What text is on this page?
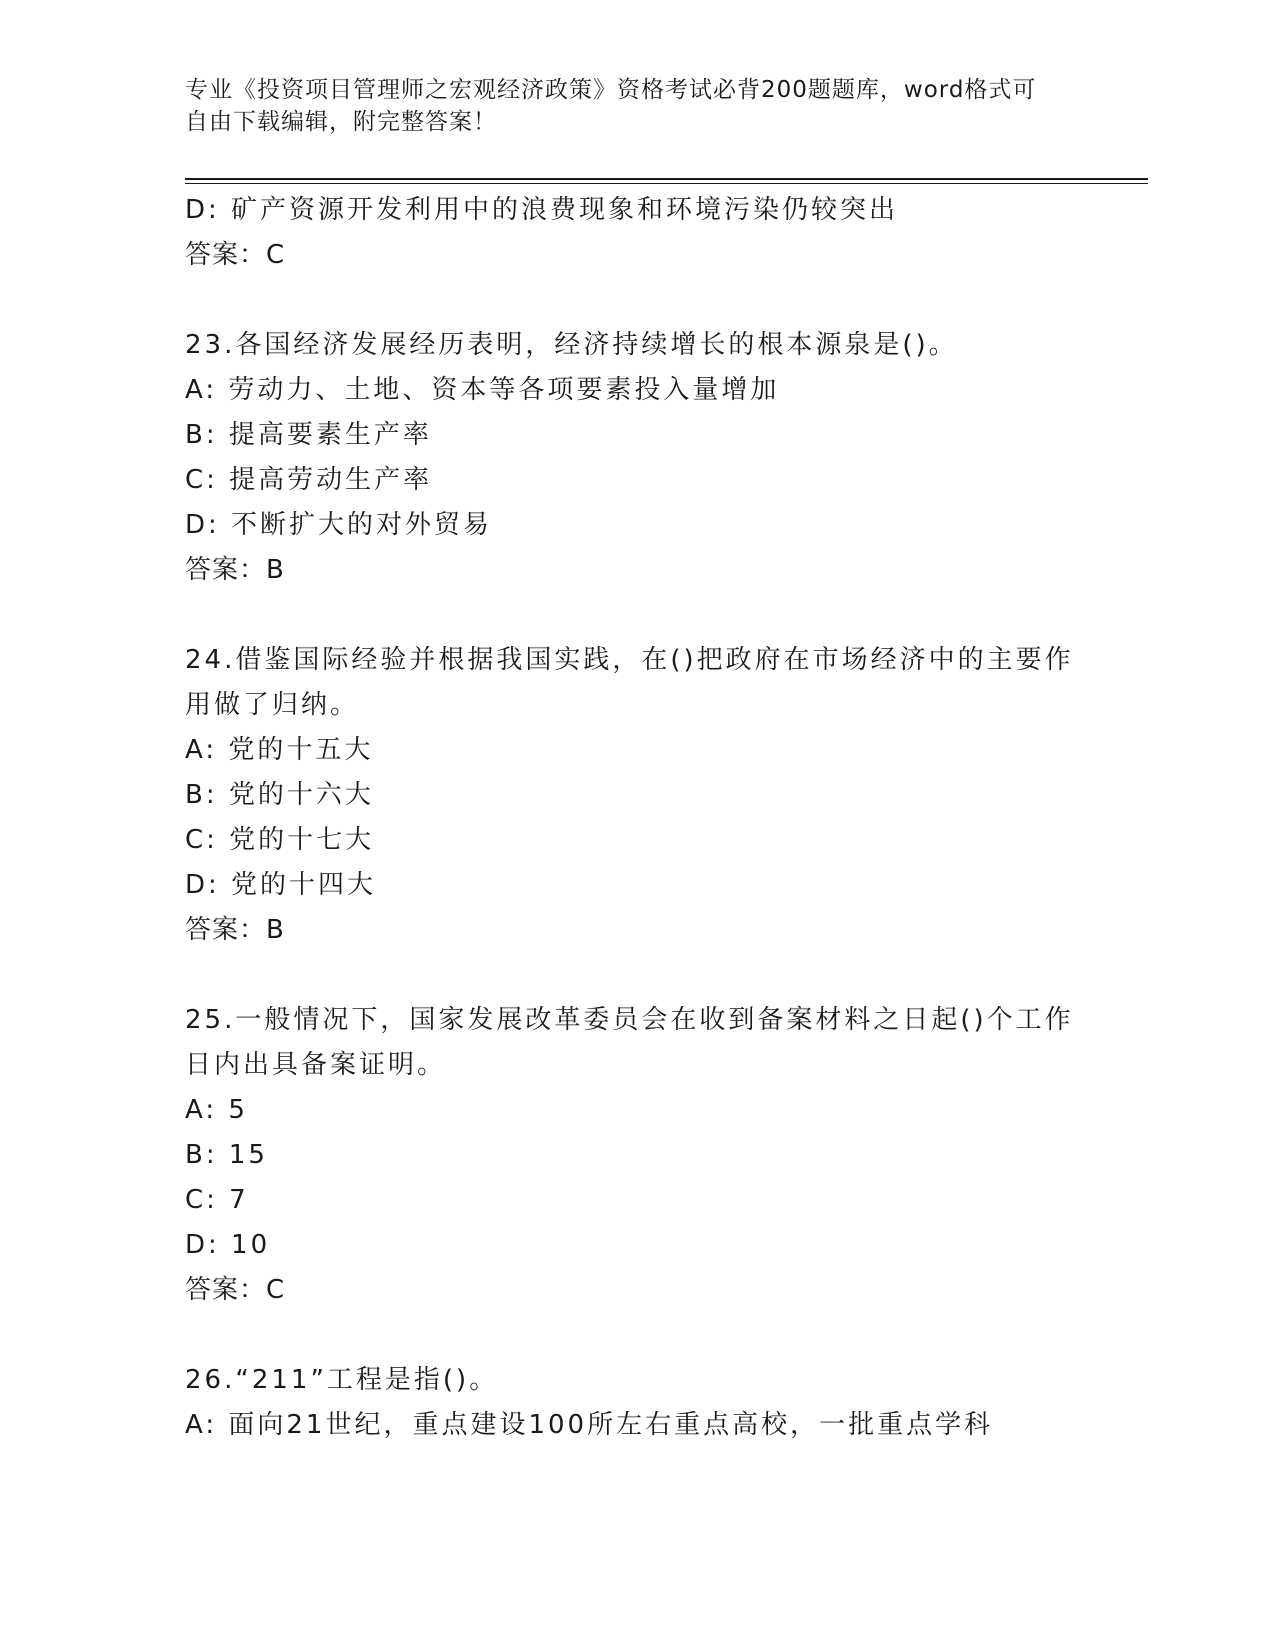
专业《投资项目管理师之宏观经济政策》资格考试必背200题题库，word格式可
自由下载编辑，附完整答案！

D: 矿产资源开发利用中的浪费现象和环境污染仍较突出

答案：C

23.各国经济发展经历表明，经济持续增长的根本源泉是()。

A: 劳动力、土地、资本等各项要素投入量增加

B: 提高要素生产率

C: 提高劳动生产率

D: 不断扩大的对外贸易

答案：B

24.借鉴国际经验并根据我国实践，在()把政府在市场经济中的主要作

用做了归纳。

A: 党的十五大

B: 党的十六大

C: 党的十七大

D: 党的十四大

答案：B

25.一般情况下，国家发展改革委员会在收到备案材料之日起()个工作

日内出具备案证明。

A: 5

B: 15

C: 7

D: 10

答案：C

26.“211”工程是指()。

A: 面向21世纪，重点建设100所左右重点高校，一批重点学科
